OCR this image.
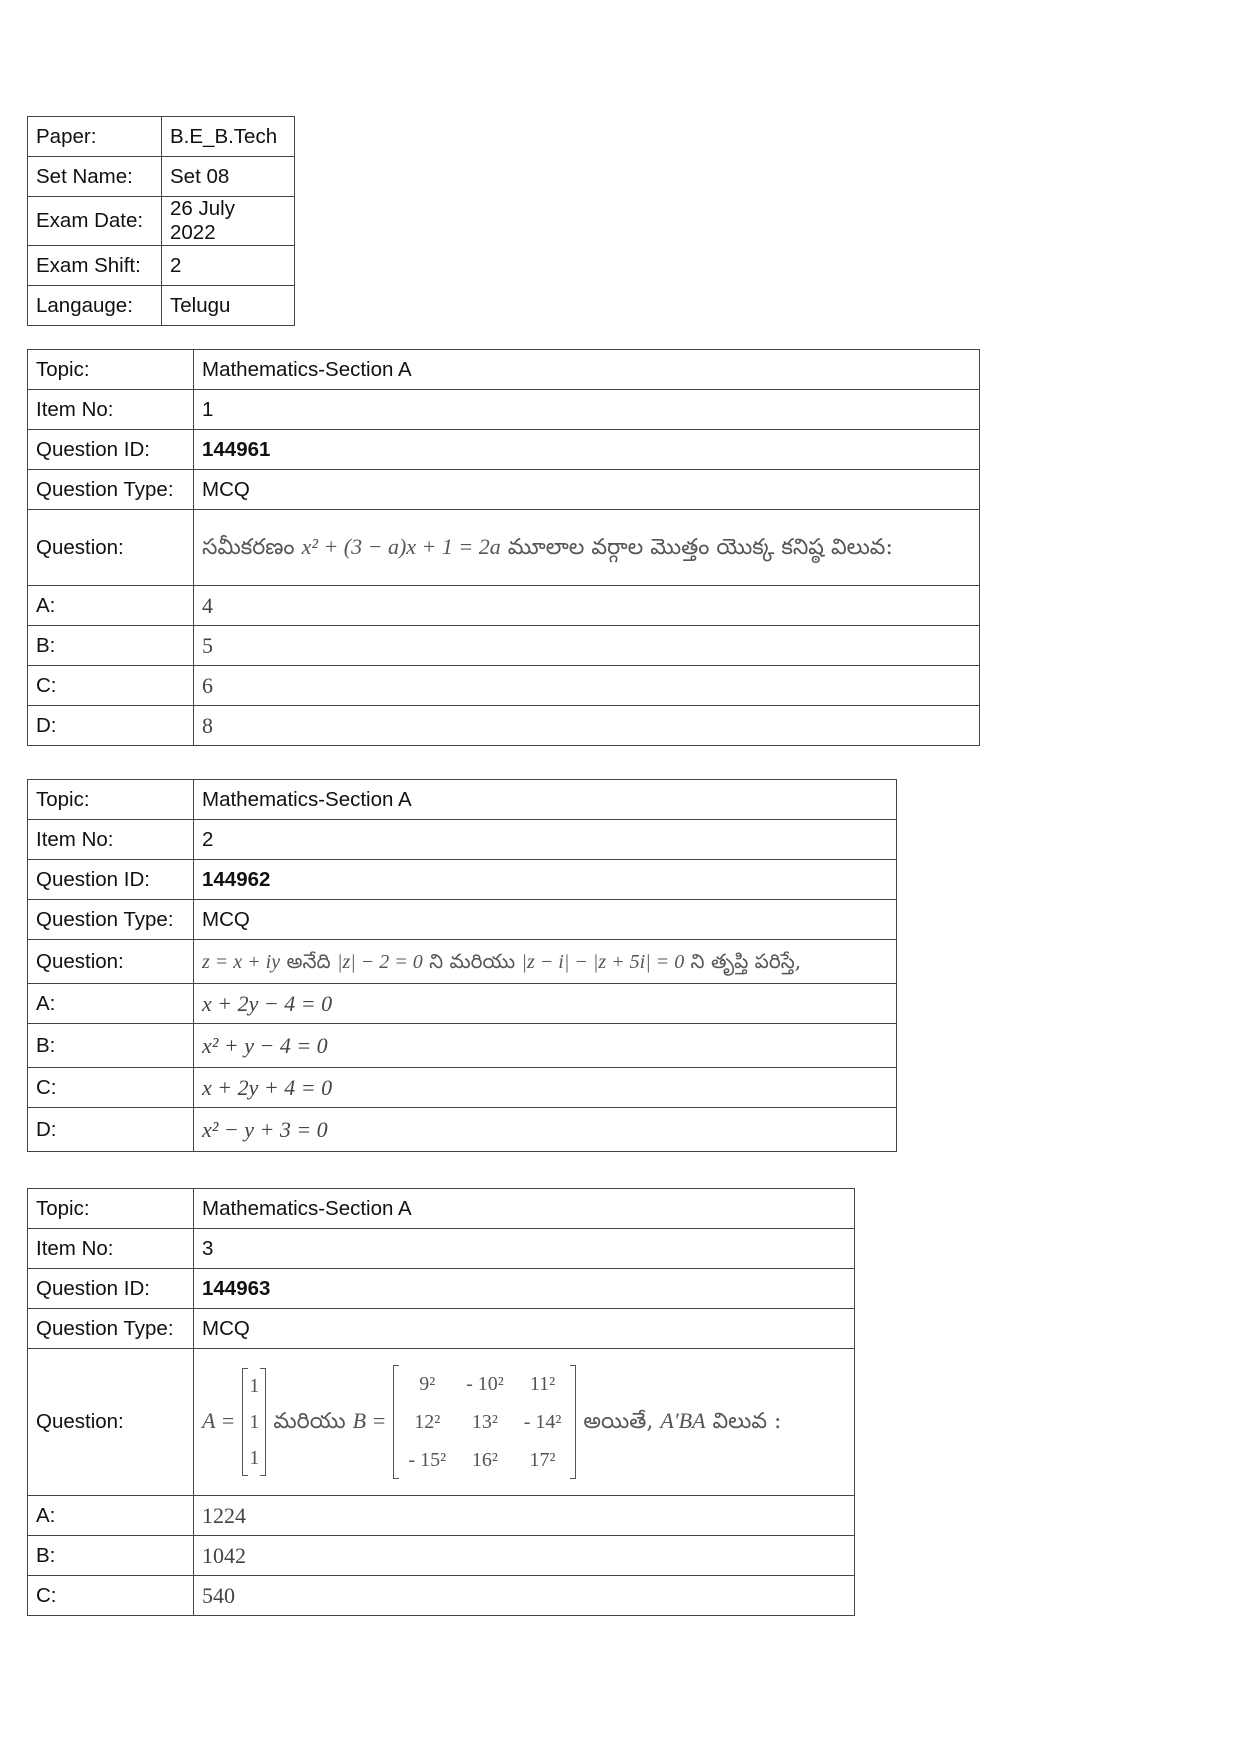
Paper:	B.E_B.Tech
Set Name:	Set 08
Exam Date:	26 July 2022
Exam Shift:	2
Langauge:	Telugu
Topic:	Mathematics-Section A
Item No:	1
Question ID:	144961
Question Type:	MCQ
Question:	సమీకరణం x² + (3 − a)x + 1 = 2a మూలాల వర్గాల మొత్తం యొక్క కనిష్ఠ విలువ:
A:	4
B:	5
C:	6
D:	8
Topic:	Mathematics-Section A
Item No:	2
Question ID:	144962
Question Type:	MCQ
Question:	z = x + iy అనేది |z| − 2 = 0 ని మరియు |z − i| − |z + 5i| = 0 ని తృప్తి పరిస్తే,
A:	x + 2y − 4 = 0
B:	x² + y − 4 = 0
C:	x + 2y + 4 = 0
D:	x² − y + 3 = 0
Topic:	Mathematics-Section A
Item No:	3
Question ID:	144963
Question Type:	MCQ
Question:	A =
1
1
1
మరియు B =
9²	- 10²	11²
12²	13²	- 14²
- 15²	16²	17²
అయితే, A′BA విలువ :
A:	1224
B:	1042
C:	540
